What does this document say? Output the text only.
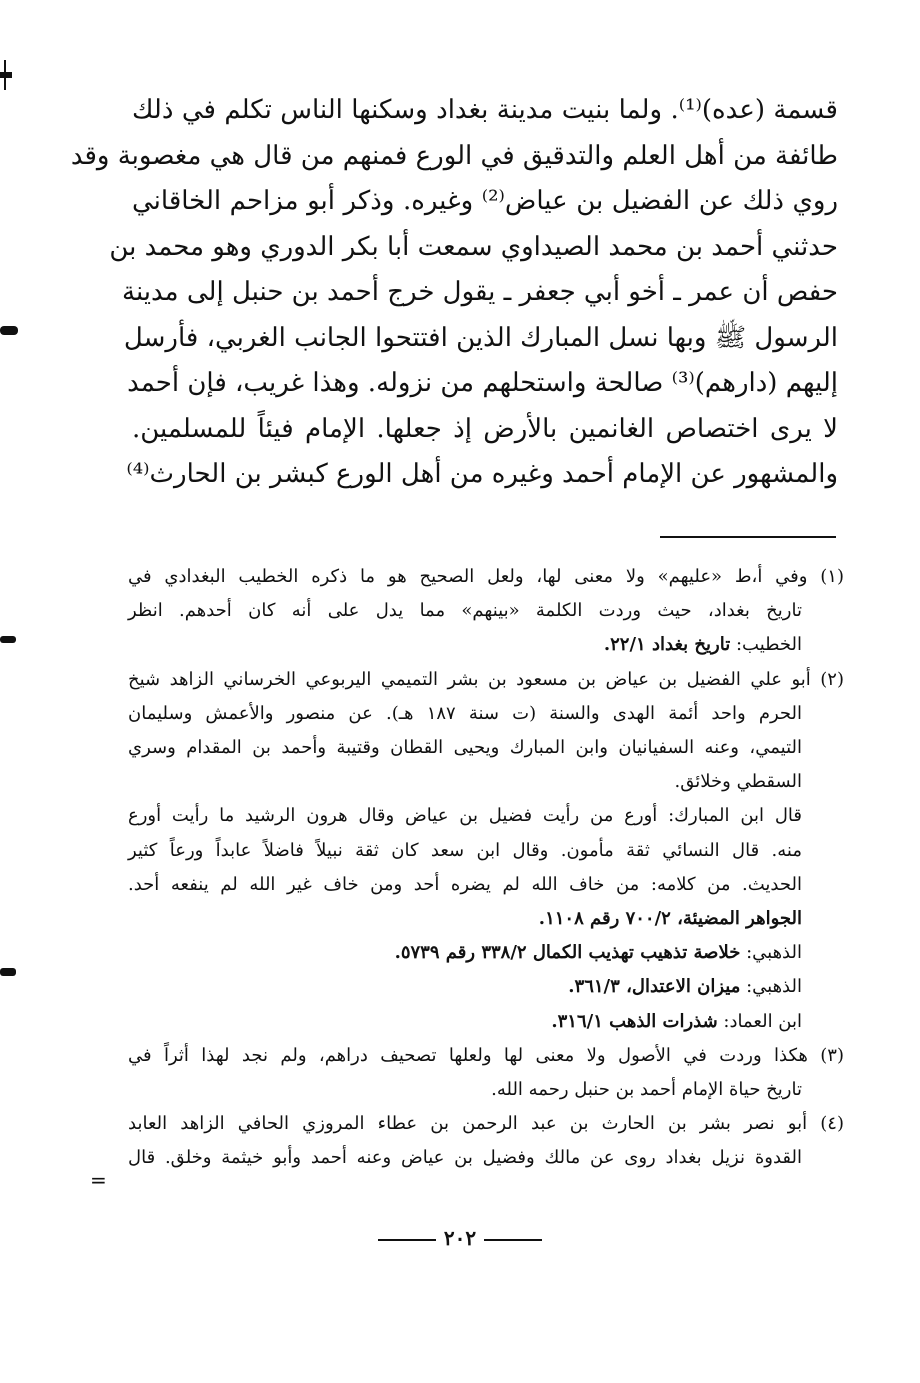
قسمة (عده)⁽¹⁾. ولما بنيت مدينة بغداد وسكنها الناس تكلم في ذلك
طائفة من أهل العلم والتدقيق في الورع فمنهم من قال هي مغصوبة وقد
روي ذلك عن الفضيل بن عياض⁽²⁾ وغيره. وذكر أبو مزاحم الخاقاني
حدثني أحمد بن محمد الصيداوي سمعت أبا بكر الدوري وهو محمد بن
حفص أن عمر ـ أخو أبي جعفر ـ يقول خرج أحمد بن حنبل إلى مدينة
الرسول ﷺ وبها نسل المبارك الذين افتتحوا الجانب الغربي، فأرسل
إليهم (دارهم)⁽³⁾ صالحة واستحلهم من نزوله. وهذا غريب، فإن أحمد
لا يرى اختصاص الغانمين بالأرض إذ جعلها. الإمام فيئاً للمسلمين.
والمشهور عن الإمام أحمد وغيره من أهل الورع كبشر بن الحارث⁽⁴⁾
(١) وفي أ،ط «عليهم» ولا معنى لها، ولعل الصحيح هو ما ذكره الخطيب البغدادي في
تاريخ بغداد، حيث وردت الكلمة «بينهم» مما يدل على أنه كان أحدهم. انظر
الخطيب: تاريخ بغداد ٢٢/١.
(٢) أبو علي الفضيل بن عياض بن مسعود بن بشر التميمي اليربوعي الخرساني الزاهد شيخ
الحرم واحد أئمة الهدى والسنة (ت سنة ١٨٧ هـ). عن منصور والأعمش وسليمان
التيمي، وعنه السفيانيان وابن المبارك ويحيى القطان وقتيبة وأحمد بن المقدام وسري
السقطي وخلائق.
قال ابن المبارك: أورع من رأيت فضيل بن عياض وقال هرون الرشيد ما رأيت أورع
منه. قال النسائي ثقة مأمون. وقال ابن سعد كان ثقة نبيلاً فاضلاً عابداً ورعاً كثير
الحديث. من كلامه: من خاف الله لم يضره أحد ومن خاف غير الله لم ينفعه أحد.
الجواهر المضيئة، ٧٠٠/٢ رقم ١١٠٨.
الذهبي: خلاصة تذهيب تهذيب الكمال ٣٣٨/٢ رقم ٥٧٣٩.
الذهبي: ميزان الاعتدال، ٣٦١/٣.
ابن العماد: شذرات الذهب ٣١٦/١.
(٣) هكذا وردت في الأصول ولا معنى لها ولعلها تصحيف دراهم، ولم نجد لهذا أثراً في
تاريخ حياة الإمام أحمد بن حنبل رحمه الله.
(٤) أبو نصر بشر بن الحارث بن عبد الرحمن بن عطاء المروزي الحافي الزاهد العابد
القدوة نزيل بغداد روى عن مالك وفضيل بن عياض وعنه أحمد وأبو خيثمة وخلق. قال
=
٢٠٢
